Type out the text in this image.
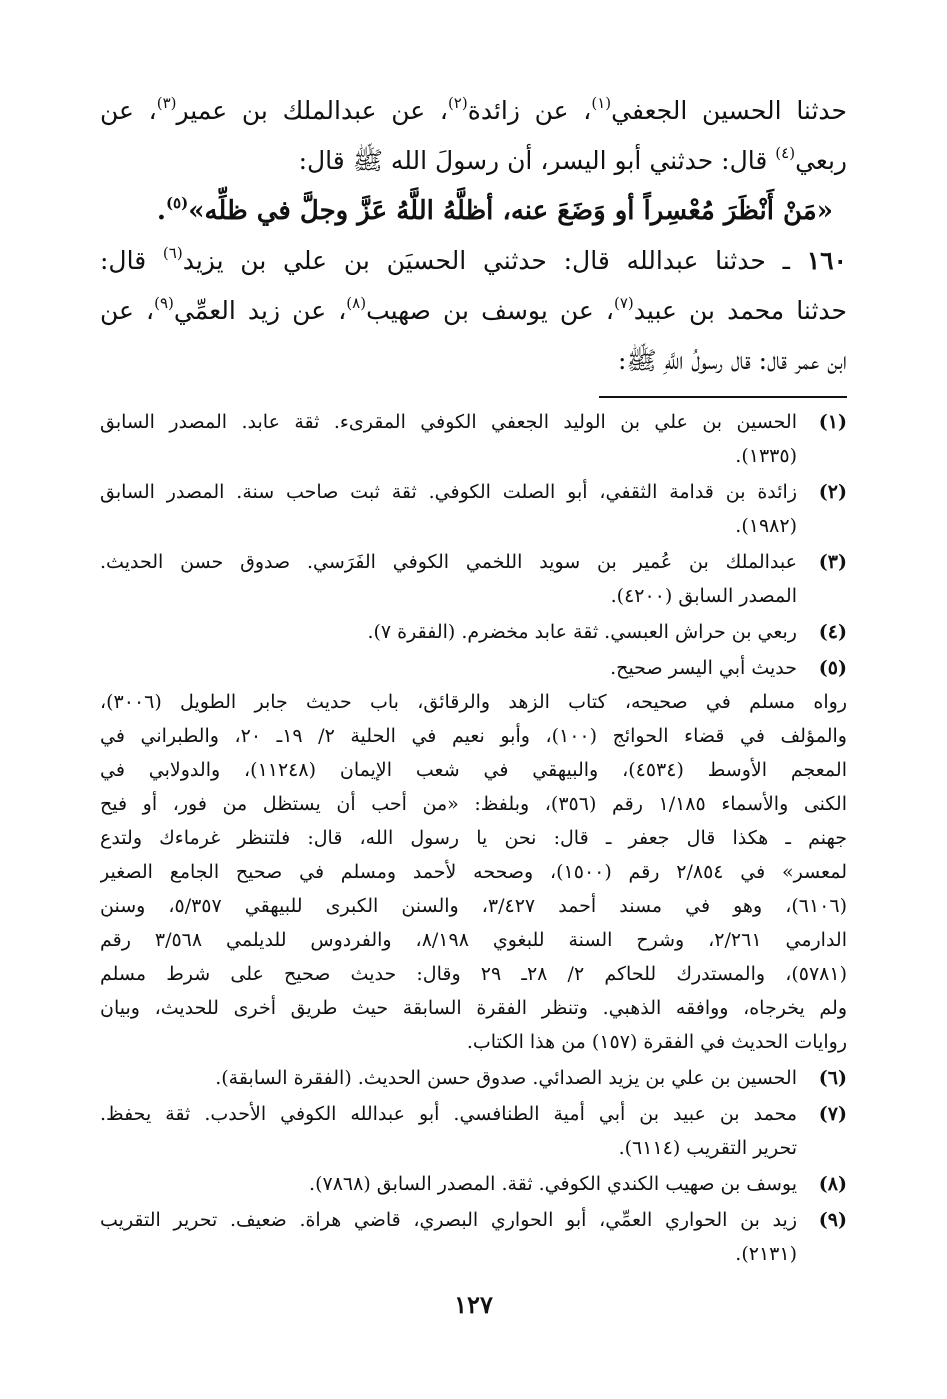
حدثنا الحسين الجعفي$^{(١)}$، عن زائدة$^{(٢)}$، عن عبدالملك بن عمير$^{(٣)}$، عن
ربعي$^{(٤)}$ قال: حدثني أبو اليسر، أن رسولَ الله ﷺ قال:
«مَنْ أَنْظَرَ مُعْسِراً أو وَضَعَ عنه، أظلَّهُ اللَّهُ عَزَّ وجلَّ في ظلِّه»$^{(٥)}$.
١٦٠ ـ حدثنا عبدالله قال: حدثني الحسيَن بن علي بن يزيد$^{(٦)}$ قال:
حدثنا محمد بن عبيد$^{(٧)}$، عن يوسف بن صهيب$^{(٨)}$، عن زيد العمِّي$^{(٩)}$، عن
ابن عمر قال: قال رسولُ اللَّهِ ﷺ:
(١)
الحسين بن علي بن الوليد الجعفي الكوفي المقرىء. ثقة عابد. المصدر السابق
(١٣٣٥).
(٢)
زائدة بن قدامة الثقفي، أبو الصلت الكوفي. ثقة ثبت صاحب سنة. المصدر السابق
(١٩٨٢).
(٣)
عبدالملك بن عُمير بن سويد اللخمي الكوفي الفَرَسي. صدوق حسن الحديث.
المصدر السابق (٤٢٠٠).
(٤)
ربعي بن حراش العبسي. ثقة عابد مخضرم. (الفقرة ٧).
(٥)
حديث أبي اليسر صحيح.
رواه مسلم في صحيحه، كتاب الزهد والرقائق، باب حديث جابر الطويل (٣٠٠٦)،
والمؤلف في قضاء الحوائج (١٠٠)، وأبو نعيم في الحلية ٢/ ١٩ـ ٢٠، والطبراني في
المعجم الأوسط (٤٥٣٤)، والبيهقي في شعب الإيمان (١١٢٤٨)، والدولابي في
الكنى والأسماء ١/١٨٥ رقم (٣٥٦)، وبلفظ: «من أحب أن يستظل من فور، أو فيح
جهنم ـ هكذا قال جعفر ـ قال: نحن يا رسول الله، قال: فلتنظر غرماءك ولتدع
لمعسر» في ٢/٨٥٤ رقم (١٥٠٠)، وصححه لأحمد ومسلم في صحيح الجامع الصغير
(٦١٠٦)، وهو في مسند أحمد ٣/٤٢٧، والسنن الكبرى للبيهقي ٥/٣٥٧، وسنن
الدارمي ٢/٢٦١، وشرح السنة للبغوي ٨/١٩٨، والفردوس للديلمي ٣/٥٦٨ رقم
(٥٧٨١)، والمستدرك للحاكم ٢/ ٢٨ـ ٢٩ وقال: حديث صحيح على شرط مسلم
ولم يخرجاه، ووافقه الذهبي. وتنظر الفقرة السابقة حيث طريق أخرى للحديث، وبيان
روايات الحديث في الفقرة (١٥٧) من هذا الكتاب.
(٦)
الحسين بن علي بن يزيد الصدائي. صدوق حسن الحديث. (الفقرة السابقة).
(٧)
محمد بن عبيد بن أبي أمية الطنافسي. أبو عبدالله الكوفي الأحدب. ثقة يحفظ.
تحرير التقريب (٦١١٤).
(٨)
يوسف بن صهيب الكندي الكوفي. ثقة. المصدر السابق (٧٨٦٨).
(٩)
زيد بن الحواري العمِّي، أبو الحواري البصري، قاضي هراة. ضعيف. تحرير التقريب
(٢١٣١).
١٢٧
